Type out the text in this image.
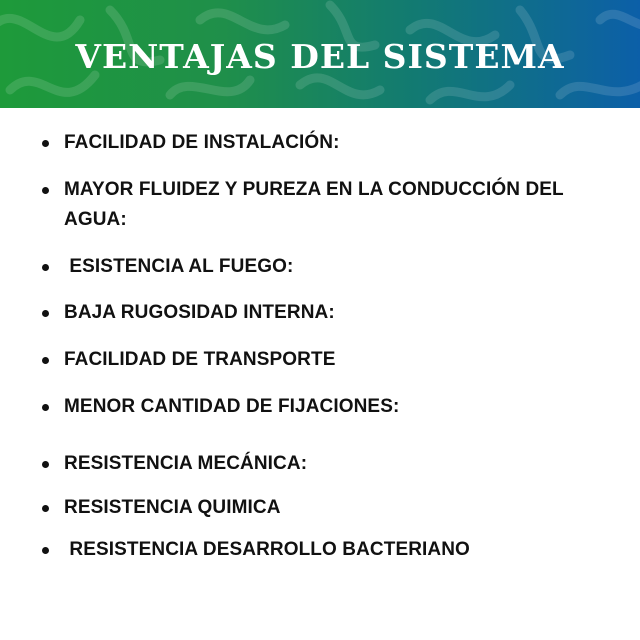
VENTAJAS DEL SISTEMA
FACILIDAD DE INSTALACIÓN:
MAYOR FLUIDEZ Y PUREZA EN LA CONDUCCIÓN DEL AGUA:
ESISTENCIA AL FUEGO:
BAJA RUGOSIDAD INTERNA:
FACILIDAD DE TRANSPORTE
MENOR CANTIDAD DE FIJACIONES:
RESISTENCIA MECÁNICA:
RESISTENCIA QUIMICA
RESISTENCIA DESARROLLO BACTERIANO
